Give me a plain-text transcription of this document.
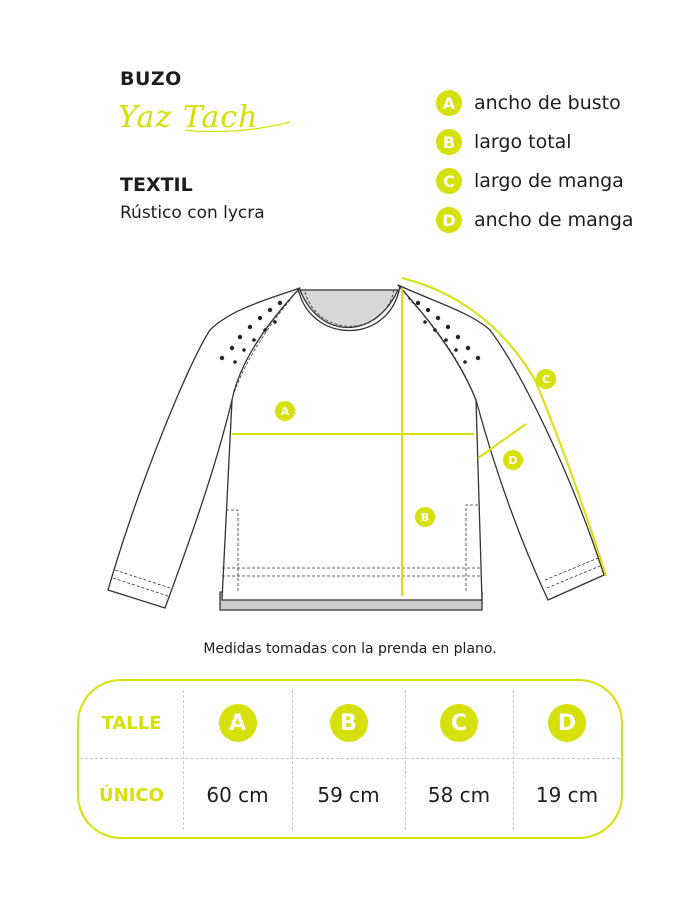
BUZO
Yaz Tach
TEXTIL
Rústico con lycra
A ancho de busto
B largo total
C	largo de manga
D ancho de manga
A
B
C
D
Medidas tomadas con la prenda en plano.
TALLE	A	B	C	D
ÚNICO 60 cm 59 cm 58 cm 19 cm
